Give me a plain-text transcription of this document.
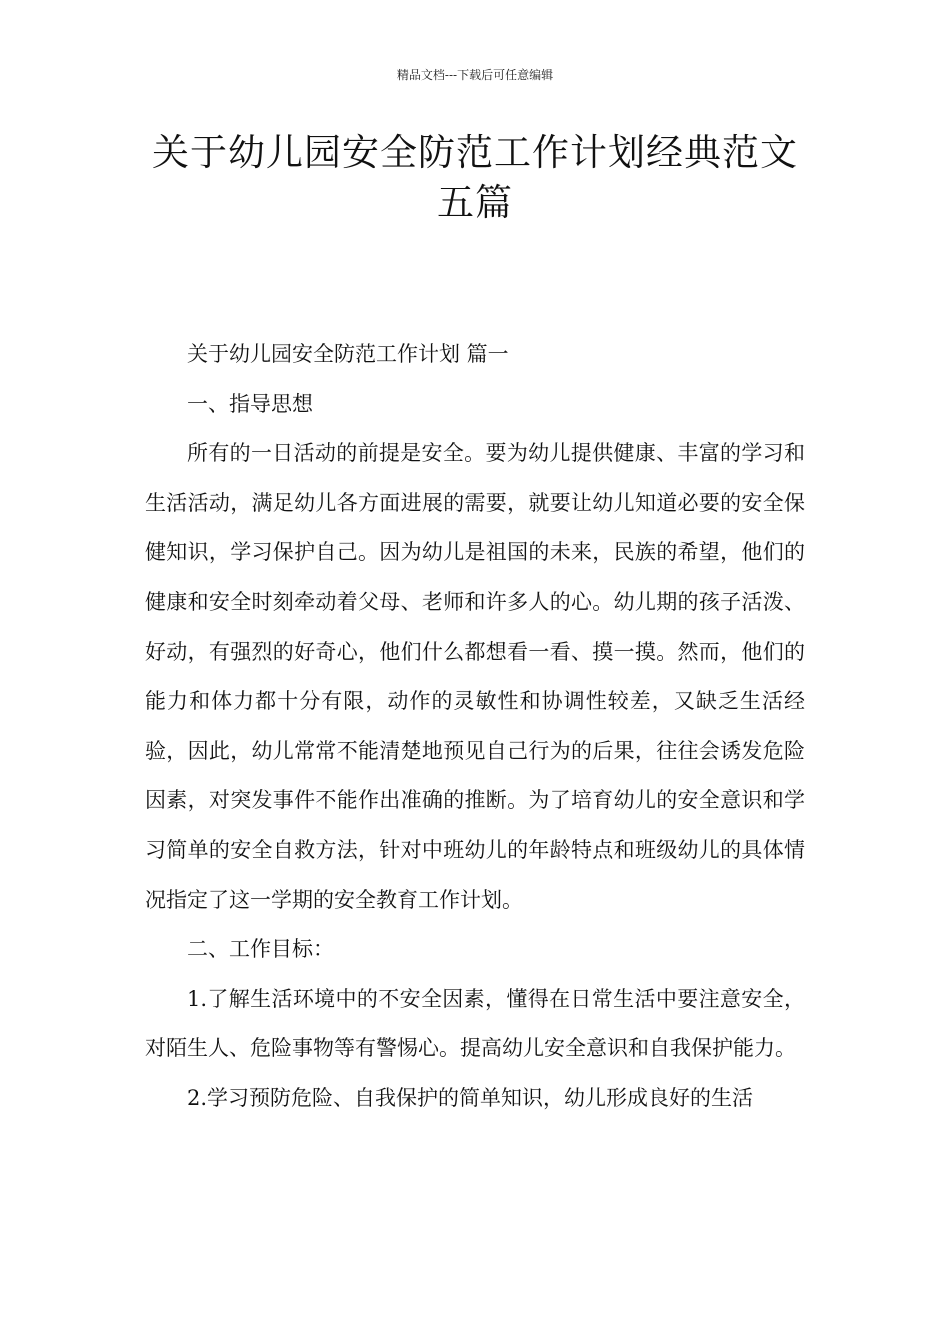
精品文档---下载后可任意编辑
关于幼儿园安全防范工作计划经典范文五篇

关于幼儿园安全防范工作计划 篇一

一、指导思想

所有的一日活动的前提是安全。要为幼儿提供健康、丰富的学习和生活活动，满足幼儿各方面进展的需要，就要让幼儿知道必要的安全保健知识，学习保护自己。因为幼儿是祖国的未来，民族的希望，他们的健康和安全时刻牵动着父母、老师和许多人的心。幼儿期的孩子活泼、好动，有强烈的好奇心，他们什么都想看一看、摸一摸。然而，他们的能力和体力都十分有限，动作的灵敏性和协调性较差，又缺乏生活经验，因此，幼儿常常不能清楚地预见自己行为的后果，往往会诱发危险因素，对突发事件不能作出准确的推断。为了培育幼儿的安全意识和学习简单的安全自救方法，针对中班幼儿的年龄特点和班级幼儿的具体情况指定了这一学期的安全教育工作计划。

二、工作目标：

1.了解生活环境中的不安全因素，懂得在日常生活中要注意安全，对陌生人、危险事物等有警惕心。提高幼儿安全意识和自我保护能力。

2.学习预防危险、自我保护的简单知识，幼儿形成良好的生活
